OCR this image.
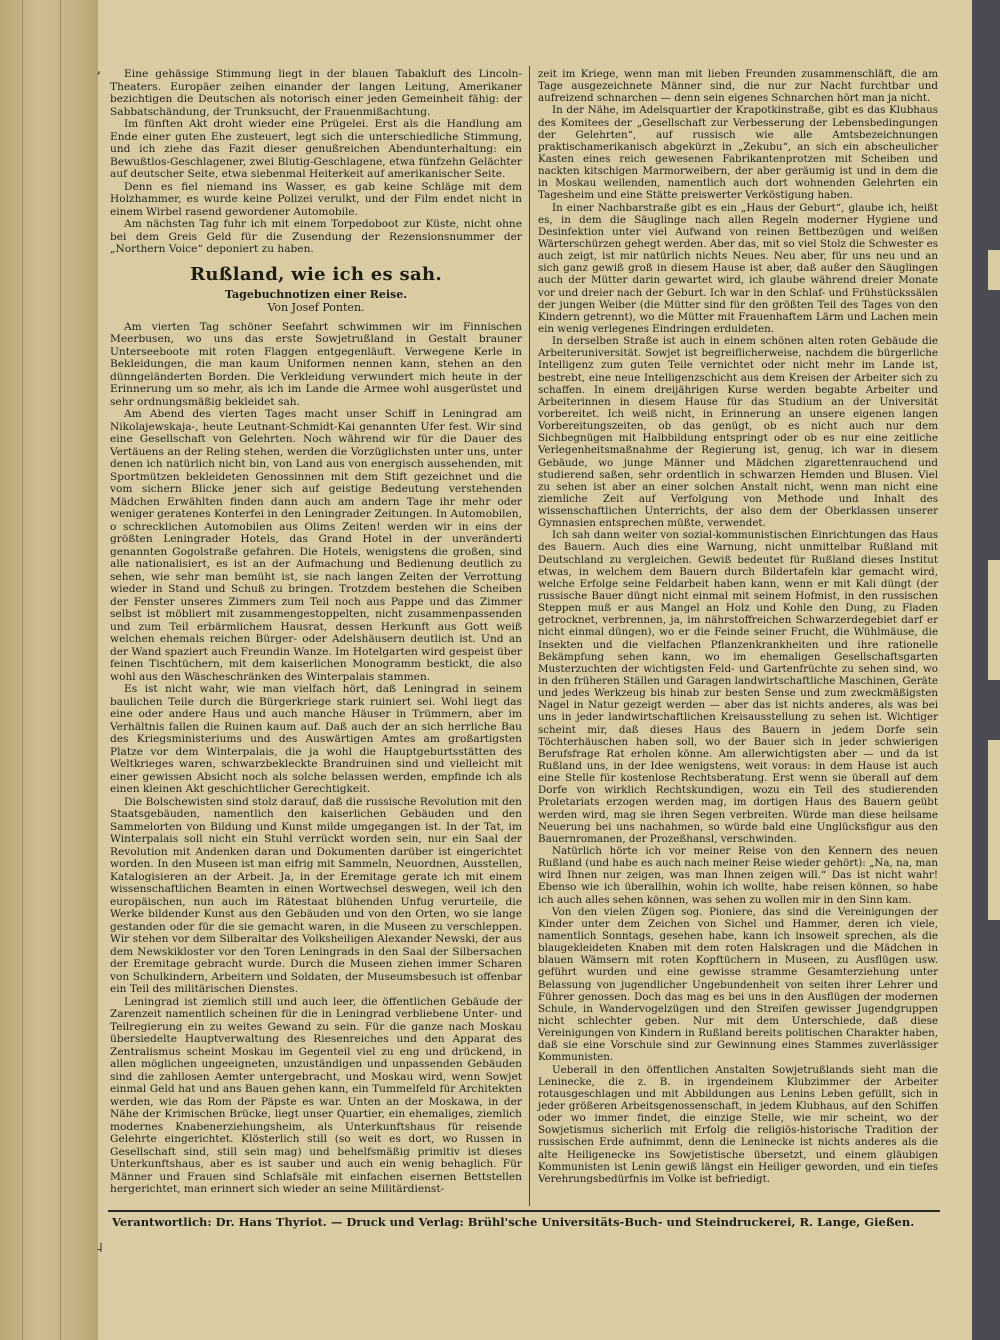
ʼ
˨

Eine gehässige Stimmung liegt in der blauen Tabakluft des Lincoln-Theaters. Europäer zeihen einander der langen Leitung, Amerikaner bezichtigen die Deutschen als notorisch einer jeden Gemeinheit fähig: der Sabbatschändung, der Trunksucht, der Frauenmißachtung.

Im fünften Akt droht wieder eine Prügelei. Erst als die Handlung am Ende einer guten Ehe zusteuert, legt sich die unterschiedliche Stimmung, und ich ziehe das Fazit dieser genußreichen Abendunterhaltung: ein Bewußtlos-Geschlagener, zwei Blutig-Geschlagene, etwa fünfzehn Gelächter auf deutscher Seite, etwa siebenmal Heiterkeit auf amerikanischer Seite.

Denn es fiel niemand ins Wasser, es gab keine Schläge mit dem Holzhammer, es wurde keine Polizei verulkt, und der Film endet nicht in einem Wirbel rasend gewordener Automobile.

Am nächsten Tag fuhr ich mit einem Torpedoboot zur Küste, nicht ohne bei dem Greis Geld für die Zusendung der Rezensionsnummer der „Northern Voice“ deponiert zu haben.

Rußland, wie ich es sah.
Tagebuchnotizen einer Reise.
Von Josef Ponten.

Am vierten Tag schöner Seefahrt schwimmen wir im Finnischen Meerbusen, wo uns das erste Sowjetrußland in Gestalt brauner Unterseeboote mit roten Flaggen entgegenläuft. Verwegene Kerle in Bekleidungen, die man kaum Uniformen nennen kann, stehen an den dünngeländerten Borden. Die Verkleidung verwundert mich heute in der Erinnerung um so mehr, als ich im Lande die Armee wohl ausgerüstet und sehr ordnungsmäßig bekleidet sah.

Am Abend des vierten Tages macht unser Schiff in Leningrad am Nikolajewskaja-, heute Leutnant-Schmidt-Kai genannten Ufer fest. Wir sind eine Gesellschaft von Gelehrten. Noch während wir für die Dauer des Vertäuens an der Reling stehen, werden die Vorzüglichsten unter uns, unter denen ich natürlich nicht bin, von Land aus von energisch aussehenden, mit Sportmützen bekleideten Genossinnen mit dem Stift gezeichnet und die vom sichern Blicke jener sich auf geistige Bedeutung verstehenden Mädchen Erwählten finden dann auch am andern Tage ihr mehr oder weniger geratenes Konterfei in den Leningrader Zeitungen. In Automobilen, o schrecklichen Automobilen aus Olims Zeiten! werden wir in eins der größten Leningrader Hotels, das Grand Hotel in der unveränderti genannten Gogolstraße gefahren. Die Hotels, wenigstens die großen, sind alle nationalisiert, es ist an der Aufmachung und Bedienung deutlich zu sehen, wie sehr man bemüht ist, sie nach langen Zeiten der Verrottung wieder in Stand und Schuß zu bringen. Trotzdem bestehen die Scheiben der Fenster unseres Zimmers zum Teil noch aus Pappe und das Zimmer selbst ist möbliert mit zusammengestoppelten, nicht zusammenpassenden und zum Teil erbärmlichem Hausrat, dessen Herkunft aus Gott weiß welchen ehemals reichen Bürger- oder Adelshäusern deutlich ist. Und an der Wand spaziert auch Freundin Wanze. Im Hotelgarten wird gespeist über feinen Tischtüchern, mit dem kaiserlichen Monogramm bestickt, die also wohl aus den Wäscheschränken des Winterpalais stammen.

Es ist nicht wahr, wie man vielfach hört, daß Leningrad in seinem baulichen Teile durch die Bürgerkriege stark ruiniert sei. Wohl liegt das eine oder andere Haus und auch manche Häuser in Trümmern, aber im Verhältnis fallen die Ruinen kaum auf. Daß auch der an sich herrliche Bau des Kriegsministeriums und des Auswärtigen Amtes am großartigsten Platze vor dem Winterpalais, die ja wohl die Hauptgeburtsstätten des Weltkrieges waren, schwarzbekleckte Brandruinen sind und vielleicht mit einer gewissen Absicht noch als solche belassen werden, empfinde ich als einen kleinen Akt geschichtlicher Gerechtigkeit.

Die Bolschewisten sind stolz darauf, daß die russische Revolution mit den Staatsgebäuden, namentlich den kaiserlichen Gebäuden und den Sammelorten von Bildung und Kunst milde umgegangen ist. In der Tat, im Winterpalais soll nicht ein Stuhl verrückt worden sein, nur ein Saal der Revolution mit Andenken daran und Dokumenten darüber ist eingerichtet worden. In den Museen ist man eifrig mit Sammeln, Neuordnen, Ausstellen, Katalogisieren an der Arbeit. Ja, in der Eremitage gerate ich mit einem wissenschaftlichen Beamten in einen Wortwechsel deswegen, weil ich den europäischen, nun auch im Rätestaat blühenden Unfug verurteile, die Werke bildender Kunst aus den Gebäuden und von den Orten, wo sie lange gestanden oder für die sie gemacht waren, in die Museen zu verschleppen. Wir stehen vor dem Silberaltar des Volksheiligen Alexander Newski, der aus dem Newskikloster vor den Toren Leningrads in den Saal der Silbersachen der Eremitage gebracht wurde. Durch die Museen ziehen immer Scharen von Schulkindern, Arbeitern und Soldaten, der Museumsbesuch ist offenbar ein Teil des militärischen Dienstes.

Leningrad ist ziemlich still und auch leer, die öffentlichen Gebäude der Zarenzeit namentlich scheinen für die in Leningrad verbliebene Unter- und Teilregierung ein zu weites Gewand zu sein. Für die ganze nach Moskau übersiedelte Hauptverwaltung des Riesenreiches und den Apparat des Zentralismus scheint Moskau im Gegenteil viel zu eng und drückend, in allen möglichen ungeeigneten, unzuständigen und unpassenden Gebäuden sind die zahllosen Aemter untergebracht, und Moskau wird, wenn Sowjet einmal Geld hat und ans Bauen gehen kann, ein Tummelfeld für Architekten werden, wie das Rom der Päpste es war. Unten an der Moskawa, in der Nähe der Krimischen Brücke, liegt unser Quartier, ein ehemaliges, ziemlich modernes Knabenerziehungsheim, als Unterkunftshaus für reisende Gelehrte eingerichtet. Klösterlich still (so weit es dort, wo Russen in Gesellschaft sind, still sein mag) und behelfsmäßig primitiv ist dieses Unterkunftshaus, aber es ist sauber und auch ein wenig behaglich. Für Männer und Frauen sind Schlafsäle mit einfachen eisernen Bettstellen hergerichtet, man erinnert sich wieder an seine Militärdienst-

zeit im Kriege, wenn man mit lieben Freunden zusammenschläft, die am Tage ausgezeichnete Männer sind, die nur zur Nacht furchtbar und aufreizend schnarchen — denn sein eigenes Schnarchen hört man ja nicht.

In der Nähe, im Adelsquartier der Krapotkinstraße, gibt es das Klubhaus des Komitees der „Gesellschaft zur Verbesserung der Lebensbedingungen der Gelehrten“, auf russisch wie alle Amtsbezeichnungen praktischamerikanisch abgekürzt in „Zekubu“, an sich ein abscheulicher Kasten eines reich gewesenen Fabrikantenprotzen mit Scheiben und nackten kitschigen Marmorweibern, der aber geräumig ist und in dem die in Moskau weilenden, namentlich auch dort wohnenden Gelehrten ein Tagesheim und eine Stätte preiswerter Verköstigung haben.

In einer Nachbarstraße gibt es ein „Haus der Geburt“, glaube ich, heißt es, in dem die Säuglinge nach allen Regeln moderner Hygiene und Desinfektion unter viel Aufwand von reinen Bettbezügen und weißen Wärterschürzen gehegt werden. Aber das, mit so viel Stolz die Schwester es auch zeigt, ist mir natürlich nichts Neues. Neu aber, für uns neu und an sich ganz gewiß groß in diesem Hause ist aber, daß außer den Säuglingen auch der Mütter darin gewartet wird, ich glaube während dreier Monate vor und dreier nach der Geburt. Ich war in den Schlaf- und Frühstückssälen der jungen Weiber (die Mütter sind für den größten Teil des Tages von den Kindern getrennt), wo die Mütter mit Frauenhaftem Lärm und Lachen mein ein wenig verlegenes Eindringen erduldeten.

In derselben Straße ist auch in einem schönen alten roten Gebäude die Arbeiteruniversität. Sowjet ist begreiflicherweise, nachdem die bürgerliche Intelligenz zum guten Teile vernichtet oder nicht mehr im Lande ist, bestrebt, eine neue Intelligenzschicht aus dem Kreisen der Arbeiter sich zu schaffen. In einem dreijährigen Kurse werden begabte Arbeiter und Arbeiterinnen in diesem Hause für das Studium an der Universität vorbereitet. Ich weiß nicht, in Erinnerung an unsere eigenen langen Vorbereitungszeiten, ob das genügt, ob es nicht auch nur dem Sichbegnügen mit Halbbildung entspringt oder ob es nur eine zeitliche Verlegenheitsmaßnahme der Regierung ist, genug, ich war in diesem Gebäude, wo junge Männer und Mädchen zigarettenrauchend und studierend saßen, sehr ordentlich in schwarzen Hemden und Blusen. Viel zu sehen ist aber an einer solchen Anstalt nicht, wenn man nicht eine ziemliche Zeit auf Verfolgung von Methode und Inhalt des wissenschaftlichen Unterrichts, der also dem der Oberklassen unserer Gymnasien entsprechen müßte, verwendet.

Ich sah dann weiter von sozial-kommunistischen Einrichtungen das Haus des Bauern. Auch dies eine Warnung, nicht unmittelbar Rußland mit Deutschland zu vergleichen. Gewiß bedeutet für Rußland dieses Institut etwas, in welchem dem Bauern durch Bildertafeln klar gemacht wird, welche Erfolge seine Feldarbeit haben kann, wenn er mit Kali düngt (der russische Bauer düngt nicht einmal mit seinem Hofmist, in den russischen Steppen muß er aus Mangel an Holz und Kohle den Dung, zu Fladen getrocknet, verbrennen, ja, im nährstoffreichen Schwarzerdegebiet darf er nicht einmal düngen), wo er die Feinde seiner Frucht, die Wühlmäuse, die Insekten und die vielfachen Pflanzenkrankheiten und ihre rationelle Bekämpfung sehen kann, wo im ehemaligen Gesellschaftsgarten Musterzuchten der wichtigsten Feld- und Gartenfrüchte zu sehen sind, wo in den früheren Ställen und Garagen landwirtschaftliche Maschinen, Geräte und jedes Werkzeug bis hinab zur besten Sense und zum zweckmäßigsten Nagel in Natur gezeigt werden — aber das ist nichts anderes, als was bei uns in jeder landwirtschaftlichen Kreisausstellung zu sehen ist. Wichtiger scheint mir, daß dieses Haus des Bauern in jedem Dorfe sein Töchterhäuschen haben soll, wo der Bauer sich in jeder schwierigen Berufsfrage Rat erholen könne. Am allerwichtigsten aber — und da ist Rußland uns, in der Idee wenigstens, weit voraus: in dem Hause ist auch eine Stelle für kostenlose Rechtsberatung. Erst wenn sie überall auf dem Dorfe von wirklich Rechtskundigen, wozu ein Teil des studierenden Proletariats erzogen werden mag, im dortigen Haus des Bauern geübt werden wird, mag sie ihren Segen verbreiten. Würde man diese heilsame Neuerung bei uns nachahmen, so würde bald eine Unglücksfigur aus den Bauernromanen, der Prozeßhansl, verschwinden.

Natürlich hörte ich vor meiner Reise von den Kennern des neuen Rußland (und habe es auch nach meiner Reise wieder gehört): „Na, na, man wird Ihnen nur zeigen, was man Ihnen zeigen will.“ Das ist nicht wahr! Ebenso wie ich überallhin, wohin ich wollte, habe reisen können, so habe ich auch alles sehen können, was sehen zu wollen mir in den Sinn kam.

Von den vielen Zügen sog. Pioniere, das sind die Vereinigungen der Kinder unter dem Zeichen von Sichel und Hammer, deren ich viele, namentlich Sonntags, gesehen habe, kann ich insoweit sprechen, als die blaugekleideten Knaben mit dem roten Halskragen und die Mädchen in blauen Wämsern mit roten Kopftüchern in Museen, zu Ausflügen usw. geführt wurden und eine gewisse stramme Gesamterziehung unter Belassung von jugendlicher Ungebundenheit von seiten ihrer Lehrer und Führer genossen. Doch das mag es bei uns in den Ausflügen der modernen Schule, in Wandervogelzügen und den Streifen gewisser Jugendgruppen nicht schlechter geben. Nur mit dem Unterschiede, daß diese Vereinigungen von Kindern in Rußland bereits politischen Charakter haben, daß sie eine Vorschule sind zur Gewinnung eines Stammes zuverlässiger Kommunisten.

Ueberall in den öffentlichen Anstalten Sowjetrußlands sieht man die Leninecke, die z. B. in irgendeinem Klubzimmer der Arbeiter rotausgeschlagen und mit Abbildungen aus Lenins Leben gefüllt, sich in jeder größeren Arbeitsgenossenschaft, in jedem Klubhaus, auf den Schiffen oder wo immer findet, die einzige Stelle, wie mir scheint, wo der Sowjetismus sicherlich mit Erfolg die religiös-historische Tradition der russischen Erde aufnimmt, denn die Leninecke ist nichts anderes als die alte Heiligenecke ins Sowjetistische übersetzt, und einem gläubigen Kommunisten ist Lenin gewiß längst ein Heiliger geworden, und ein tiefes Verehrungsbedürfnis im Volke ist befriedigt.

Verantwortlich: Dr. Hans Thyriot. — Druck und Verlag: Brühl'sche Universitäts-Buch- und Steindruckerei, R. Lange, Gießen.
